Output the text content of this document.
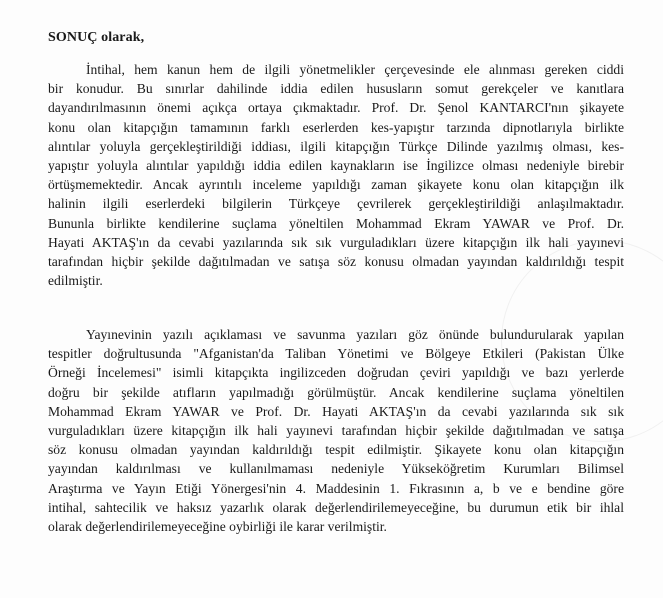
SONUÇ olarak,
İntihal, hem kanun hem de ilgili yönetmelikler çerçevesinde ele alınması gereken ciddi
bir konudur. Bu sınırlar dahilinde iddia edilen hususların somut gerekçeler ve kanıtlara
dayandırılmasının önemi açıkça ortaya çıkmaktadır. Prof. Dr. Şenol KANTARCI'nın şikayete
konu olan kitapçığın tamamının farklı eserlerden kes-yapıştır tarzında dipnotlarıyla birlikte
alıntılar yoluyla gerçekleştirildiği iddiası, ilgili kitapçığın Türkçe Dilinde yazılmış olması, kes-
yapıştır yoluyla alıntılar yapıldığı iddia edilen kaynakların ise İngilizce olması nedeniyle birebir
örtüşmemektedir. Ancak ayrıntılı inceleme yapıldığı zaman şikayete konu olan kitapçığın ilk
halinin ilgili eserlerdeki bilgilerin Türkçeye çevrilerek gerçekleştirildiği anlaşılmaktadır.
Bununla birlikte kendilerine suçlama yöneltilen Mohammad Ekram YAWAR ve Prof. Dr.
Hayati AKTAŞ'ın da cevabi yazılarında sık sık vurguladıkları üzere kitapçığın ilk hali yayınevi
tarafından hiçbir şekilde dağıtılmadan ve satışa söz konusu olmadan yayından kaldırıldığı tespit
edilmiştir.
Yayınevinin yazılı açıklaması ve savunma yazıları göz önünde bulundurularak yapılan
tespitler doğrultusunda "Afganistan'da Taliban Yönetimi ve Bölgeye Etkileri (Pakistan Ülke
Örneği İncelemesi" isimli kitapçıkta ingilizceden doğrudan çeviri yapıldığı ve bazı yerlerde
doğru bir şekilde atıfların yapılmadığı görülmüştür. Ancak kendilerine suçlama yöneltilen
Mohammad Ekram YAWAR ve Prof. Dr. Hayati AKTAŞ'ın da cevabi yazılarında sık sık
vurguladıkları üzere kitapçığın ilk hali yayınevi tarafından hiçbir şekilde dağıtılmadan ve satışa
söz konusu olmadan yayından kaldırıldığı tespit edilmiştir. Şikayete konu olan kitapçığın
yayından kaldırılması ve kullanılmaması nedeniyle Yükseköğretim Kurumları Bilimsel
Araştırma ve Yayın Etiği Yönergesi'nin 4. Maddesinin 1. Fıkrasının a, b ve e bendine göre
intihal, sahtecilik ve haksız yazarlık olarak değerlendirilemeyeceğine, bu durumun etik bir ihlal
olarak değerlendirilemeyeceğine oybirliği ile karar verilmiştir.
